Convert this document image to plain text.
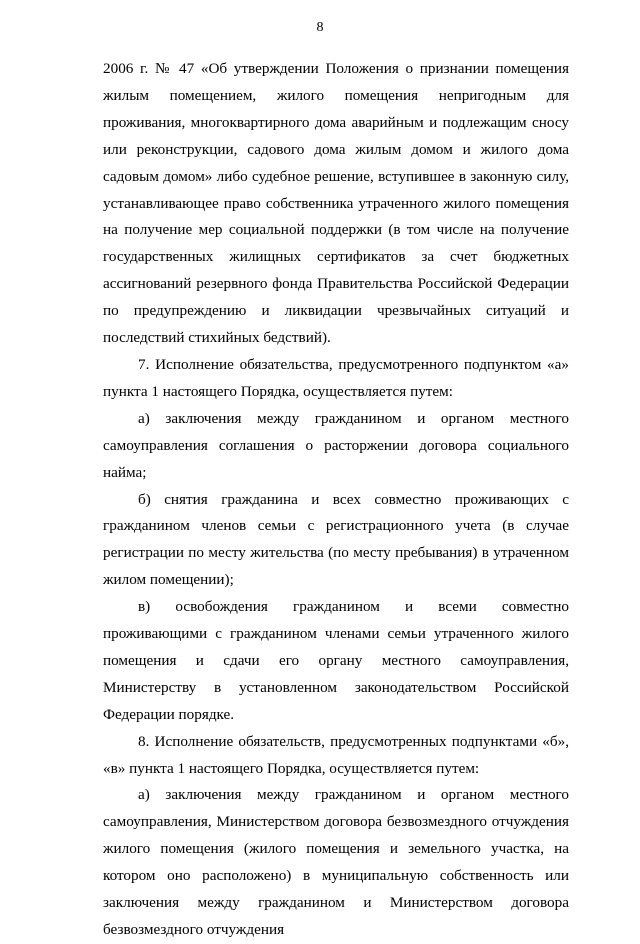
8

2006 г. № 47 «Об утверждении Положения о признании помещения жилым помещением, жилого помещения непригодным для проживания, многоквартирного дома аварийным и подлежащим сносу или реконструкции, садового дома жилым домом и жилого дома садовым домом» либо судебное решение, вступившее в законную силу, устанавливающее право собственника утраченного жилого помещения на получение мер социальной поддержки (в том числе на получение государственных жилищных сертификатов за счет бюджетных ассигнований резервного фонда Правительства Российской Федерации по предупреждению и ликвидации чрезвычайных ситуаций и последствий стихийных бедствий).

7. Исполнение обязательства, предусмотренного подпунктом «а» пункта 1 настоящего Порядка, осуществляется путем:

а) заключения между гражданином и органом местного самоуправления соглашения о расторжении договора социального найма;

б) снятия гражданина и всех совместно проживающих с гражданином членов семьи с регистрационного учета (в случае регистрации по месту жительства (по месту пребывания) в утраченном жилом помещении);

в) освобождения гражданином и всеми совместно проживающими с гражданином членами семьи утраченного жилого помещения и сдачи его органу местного самоуправления, Министерству в установленном законодательством Российской Федерации порядке.

8. Исполнение обязательств, предусмотренных подпунктами «б», «в» пункта 1 настоящего Порядка, осуществляется путем:

а) заключения между гражданином и органом местного самоуправления, Министерством договора безвозмездного отчуждения жилого помещения (жилого помещения и земельного участка, на котором оно расположено) в муниципальную собственность или заключения между гражданином и Министерством договора безвозмездного отчуждения
